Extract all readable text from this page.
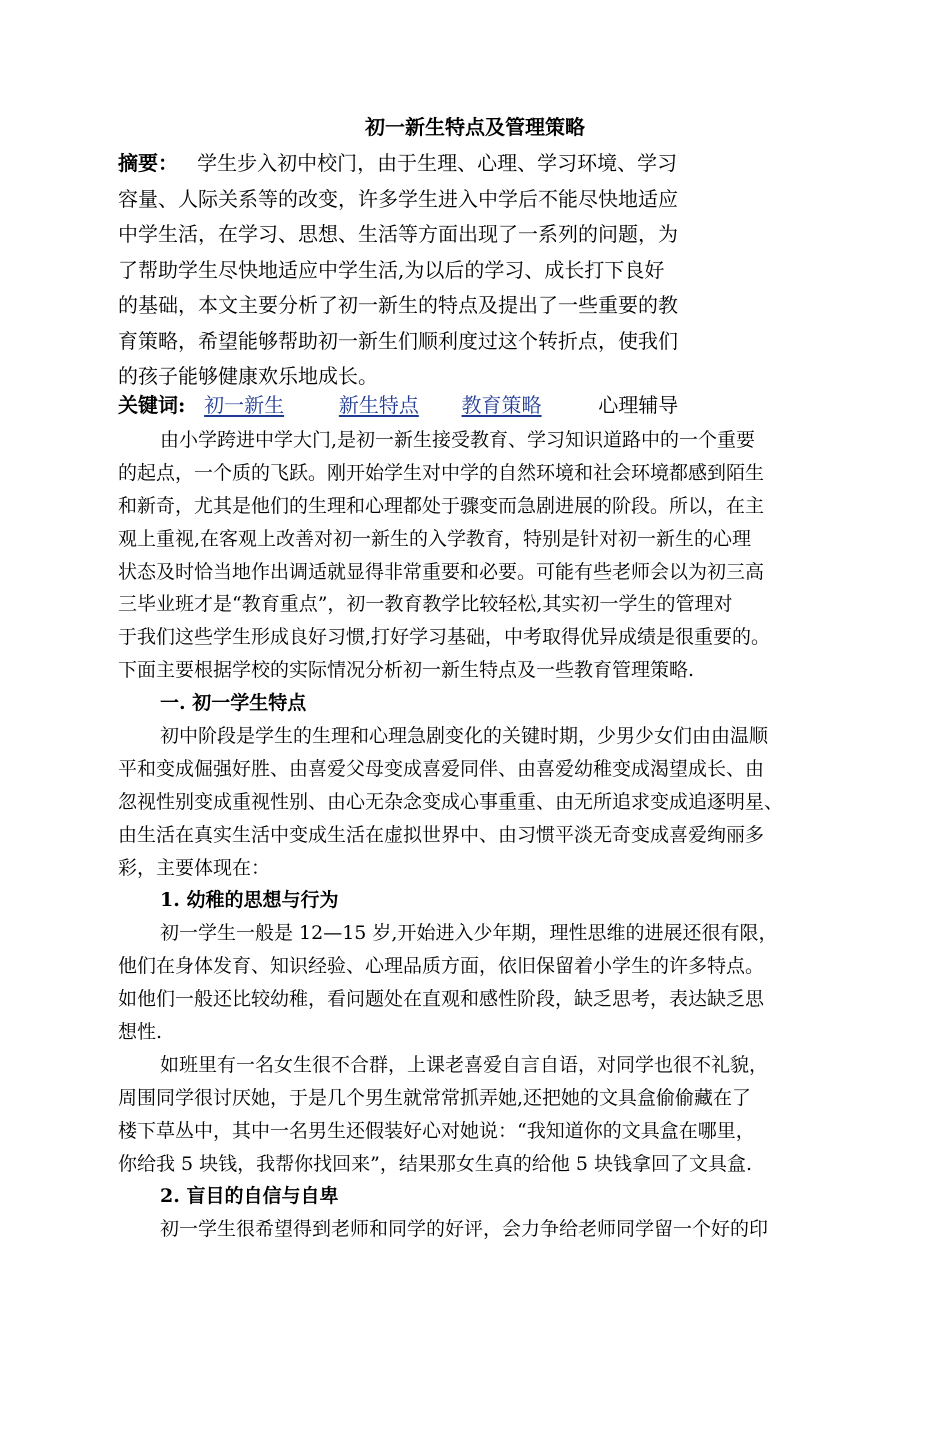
初一新生特点及管理策略
摘要： 学生步入初中校门，由于生理、心理、学习环境、学习
容量、人际关系等的改变，许多学生进入中学后不能尽快地适应
中学生活，在学习、思想、生活等方面出现了一系列的问题，为
了帮助学生尽快地适应中学生活,为以后的学习、成长打下良好
的基础，本文主要分析了初一新生的特点及提出了一些重要的教
育策略，希望能够帮助初一新生们顺利度过这个转折点，使我们
的孩子能够健康欢乐地成长。
关键词: 初一新生	新生特点 教育策略	心理辅导
由小学跨进中学大门,是初一新生接受教育、学习知识道路中的一个重要
的起点，一个质的飞跃。刚开始学生对中学的自然环境和社会环境都感到陌生
和新奇，尤其是他们的生理和心理都处于骤变而急剧进展的阶段。所以，在主
观上重视,在客观上改善对初一新生的入学教育，特别是针对初一新生的心理
状态及时恰当地作出调适就显得非常重要和必要。可能有些老师会以为初三高
三毕业班才是“教育重点”，初一教育教学比较轻松,其实初一学生的管理对
于我们这些学生形成良好习惯,打好学习基础，中考取得优异成绩是很重要的。
下面主要根据学校的实际情况分析初一新生特点及一些教育管理策略.
一. 初一学生特点
初中阶段是学生的生理和心理急剧变化的关键时期，少男少女们由由温顺
平和变成倔强好胜、由喜爱父母变成喜爱同伴、由喜爱幼稚变成渴望成长、由
忽视性别变成重视性别、由心无杂念变成心事重重、由无所追求变成追逐明星、
由生活在真实生活中变成生活在虚拟世界中、由习惯平淡无奇变成喜爱绚丽多
彩，主要体现在：
1. 幼稚的思想与行为
初一学生一般是 12—15 岁,开始进入少年期，理性思维的进展还很有限，
他们在身体发育、知识经验、心理品质方面，依旧保留着小学生的许多特点。
如他们一般还比较幼稚，看问题处在直观和感性阶段，缺乏思考，表达缺乏思
想性.
如班里有一名女生很不合群，上课老喜爱自言自语，对同学也很不礼貌，
周围同学很讨厌她，于是几个男生就常常抓弄她,还把她的文具盒偷偷藏在了
楼下草丛中，其中一名男生还假装好心对她说：“我知道你的文具盒在哪里，
你给我 5 块钱，我帮你找回来”，结果那女生真的给他 5 块钱拿回了文具盒.
2. 盲目的自信与自卑
初一学生很希望得到老师和同学的好评，会力争给老师同学留一个好的印
